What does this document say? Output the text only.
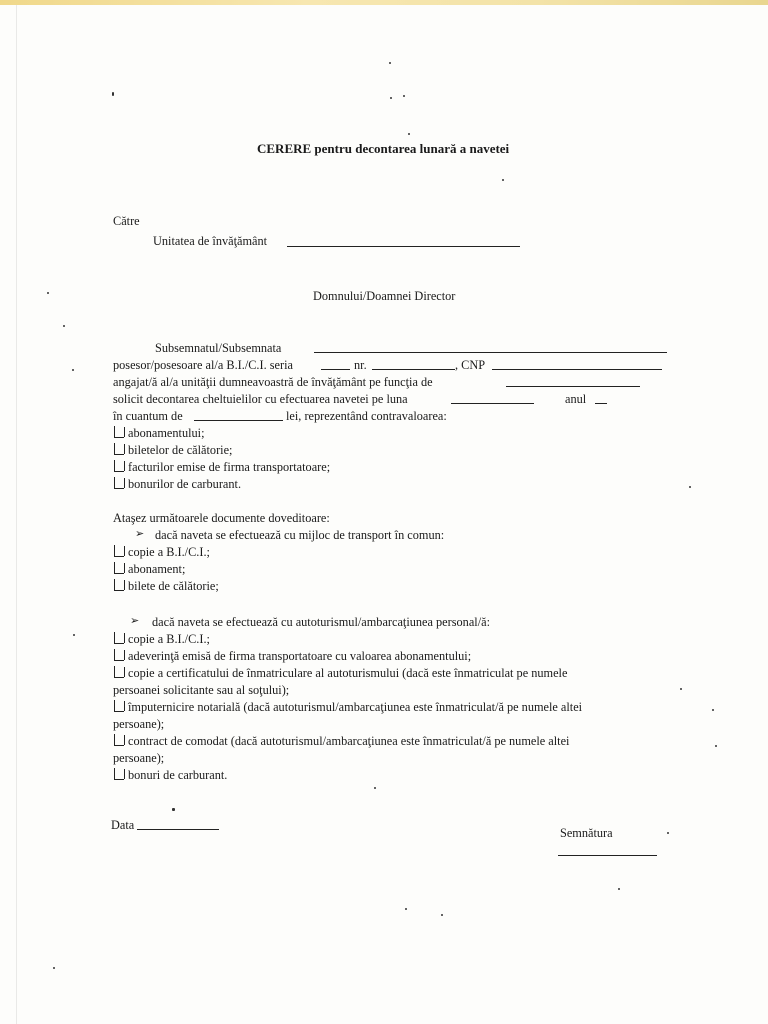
CERERE pentru decontarea lunară a navetei
Către
Unitatea de învăţământ
Domnului/Doamnei Director
Subsemnatul/Subsemnata
posesor/posesoare al/a B.I./C.I. seria	nr.	, CNP
angajat/ă al/a unităţii dumneavoastră de învăţământ pe funcţia de
solicit decontarea cheltuielilor cu efectuarea navetei pe luna	anul
în cuantum de	lei, reprezentând contravaloarea:
abonamentului;
biletelor de călătorie;
facturilor emise de firma transportatoare;
bonurilor de carburant.
Ataşez următoarele documente doveditoare:
➢ dacă naveta se efectuează cu mijloc de transport în comun:
copie a B.I./C.I.;
abonament;
bilete de călătorie;
➢ dacă naveta se efectuează cu autoturismul/ambarcaţiunea personal/ă:
copie a B.I./C.I.;
adeverinţă emisă de firma transportatoare cu valoarea abonamentului;
copie a certificatului de înmatriculare al autoturismului (dacă este înmatriculat pe numele
persoanei solicitante sau al soţului);
împuternicire notarială (dacă autoturismul/ambarcaţiunea este înmatriculat/ă pe numele altei
persoane);
contract de comodat (dacă autoturismul/ambarcaţiunea este înmatriculat/ă pe numele altei
persoane);
bonuri de carburant.
Data
Semnătura
